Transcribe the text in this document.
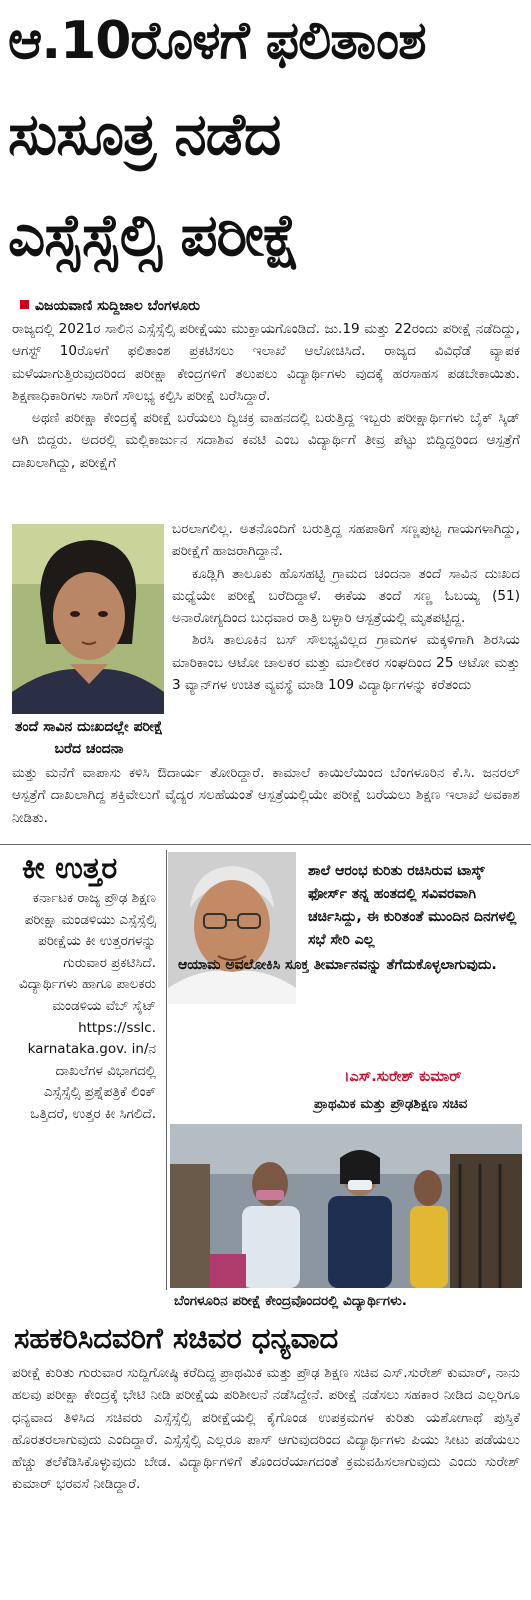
ಆ.10ರೊಳಗೆ ಫಲಿತಾಂಶ
ಸುಸೂತ್ರ ನಡೆದ
ಎಸ್ಸೆಸ್ಸೆಲ್ಸಿ ಪರೀಕ್ಷೆ
ವಿಜಯವಾಣಿ ಸುದ್ದಿಜಾಲ ಬೆಂಗಳೂರು

ರಾಜ್ಯದಲ್ಲಿ 2021ರ ಸಾಲಿನ ಎಸ್ಸೆಸ್ಸೆಲ್ಸಿ ಪರೀಕ್ಷೆಯು ಮುಕ್ತಾಯಗೊಂಡಿದೆ. ಜು.19 ಮತ್ತು 22ರಂದು ಪರೀಕ್ಷೆ ನಡೆದಿದ್ದು, ಆಗಸ್ಟ್ 10ರೊಳಗೆ ಫಲಿತಾಂಶ ಪ್ರಕಟಿಸಲು ಇಲಾಖೆ ಆಲೋಚಿಸಿದೆ. ರಾಜ್ಯದ ವಿವಿಧೆಡೆ ವ್ಯಾಪಕ ಮಳೆಯಾಗುತ್ತಿರುವುದರಿಂದ ಪರೀಕ್ಷಾ ಕೇಂದ್ರಗಳಿಗೆ ತಲುಪಲು ವಿದ್ಯಾರ್ಥಿಗಳು ವುದಕ್ಕೆ ಹರಸಾಹಸ ಪಡಬೇಕಾಯಿತು. ಶಿಕ್ಷಣಾಧಿಕಾರಿಗಳು ಸಾರಿಗೆ ಸೌಲಭ್ಯ ಕಲ್ಪಿಸಿ ಪರೀಕ್ಷೆ ಬರೆಸಿದ್ದಾರೆ.

ಅಥಣಿ ಪರೀಕ್ಷಾ ಕೇಂದ್ರಕ್ಕೆ ಪರೀಕ್ಷೆ ಬರೆಯಲು ದ್ವಿಚಕ್ರ ವಾಹನದಲ್ಲಿ ಬರುತ್ತಿದ್ದ ಇಬ್ಬರು ಪರೀಕ್ಷಾರ್ಥಿಗಳು ಬೈಕ್ ಸ್ಕಿಡ್ ಆಗಿ ಬಿದ್ದರು. ಅದರಲ್ಲಿ ಮಲ್ಲಿಕಾರ್ಜುನ ಸದಾಶಿವ ಕವಟಿ ಎಂಬ ವಿದ್ಯಾರ್ಥಿಗೆ ತೀವ್ರ ಪೆಟ್ಟು ಬಿದ್ದಿದ್ದರಿಂದ ಆಸ್ಪತ್ರೆಗೆ ದಾಖಲಾಗಿದ್ದು, ಪರೀಕ್ಷೆಗೆ

ಬರಲಾಗಲಿಲ್ಲ. ಅತನೊಂದಿಗೆ ಬರುತ್ತಿದ್ದ ಸಹಪಾಠಿಗೆ ಸಣ್ಣಪುಟ್ಟ ಗಾಯಗಳಾಗಿದ್ದು, ಪರೀಕ್ಷೆಗೆ ಹಾಜರಾಗಿದ್ದಾನೆ.

ಕೂಡ್ಲಿಗಿ ತಾಲೂಕು ಹೊಸಹಟ್ಟಿ ಗ್ರಾಮದ ಚಂದನಾ ತಂದೆ ಸಾವಿನ ದುಃಖದ ಮಧ್ಯೆಯೇ ಪರೀಕ್ಷೆ ಬರೆದಿದ್ದಾಳೆ. ಈಕೆಯ ತಂದೆ ಸಣ್ಣ ಓಬಯ್ಯ (51) ಅನಾರೋಗ್ಯದಿಂದ ಬುಧವಾರ ರಾತ್ರಿ ಬಳ್ಳಾರಿ ಆಸ್ಪತ್ರೆಯಲ್ಲಿ ಮೃತಪಟ್ಟಿದ್ದ.

ಶಿರಸಿ ತಾಲೂಕಿನ ಬಸ್ ಸೌಲಭ್ಯವಿಲ್ಲದ ಗ್ರಾಮಗಳ ಮಕ್ಕಳಿಗಾಗಿ ಶಿರಸಿಯ ಮಾರಿಕಾಂಬ ಆಟೋ ಚಾಲಕರ ಮತ್ತು ಮಾಲೀಕರ ಸಂಘದಿಂದ 25 ಆಟೋ ಮತ್ತು 3 ವ್ಯಾನ್‌ಗಳ ಉಚಿತ ವ್ಯವಸ್ಥೆ ಮಾಡಿ 109 ವಿದ್ಯಾರ್ಥಿಗಳನ್ನು ಕರೆತಂದು

ತಂದೆ ಸಾವಿನ ದುಃಖದಲ್ಲೇ ಪರೀಕ್ಷೆ ಬರೆದ ಚಂದನಾ

ಮತ್ತು ಮನೆಗೆ ವಾಪಾಸು ಕಳಿಸಿ ಔದಾರ್ಯ ತೋರಿದ್ದಾರೆ. ಕಾಮಾಲೆ ಕಾಯಿಲೆಯಿಂದ ಬೆಂಗಳೂರಿನ ಕೆ.ಸಿ. ಜನರಲ್ ಆಸ್ಪತ್ರೆಗೆ ದಾಖಲಾಗಿದ್ದ ಶಕ್ತಿವೇಲುಗೆ ವೈದ್ಯರ ಸಲಹೆಯಂತೆ ಆಸ್ಪತ್ರೆಯಲ್ಲಿಯೇ ಪರೀಕ್ಷೆ ಬರೆಯಲು ಶಿಕ್ಷಣ ಇಲಾಖೆ ಅವಕಾಶ ನೀಡಿತು.

ಕೀ ಉತ್ತರ
ಕರ್ನಾಟಕ ರಾಜ್ಯ ಪ್ರೌಢ ಶಿಕ್ಷಣ ಪರೀಕ್ಷಾ ಮಂಡಳಿಯು ಎಸ್ಸೆಸ್ಸೆಲ್ಸಿ ಪರೀಕ್ಷೆಯ ಕೀ ಉತ್ತರಗಳನ್ನು ಗುರುವಾರ ಪ್ರಕಟಿಸಿದೆ. ವಿದ್ಯಾರ್ಥಿಗಳು ಹಾಗೂ ಪಾಲಕರು ಮಂಡಳಿಯ ವೆಬ್ ಸೈಟ್ https://sslc. karnataka.gov. in/ನ ದಾಖಲೆಗಳ ವಿಭಾಗದಲ್ಲಿ ಎಸ್ಸೆಸ್ಸೆಲ್ಸಿ ಪ್ರಶ್ನೆಪತ್ರಿಕೆ ಲಿಂಕ್ ಒತ್ತಿದರೆ, ಉತ್ತರ ಕೀ ಸಿಗಲಿದೆ.

ಶಾಲೆ ಆರಂಭ ಕುರಿತು ರಚಿಸಿರುವ ಟಾಸ್ಕ್ ಫೋರ್ಸ್ ತನ್ನ ಹಂತದಲ್ಲಿ ಸವಿವರವಾಗಿ ಚರ್ಚಿಸಿದ್ದು, ಈ ಕುರಿತಂತೆ ಮುಂದಿನ ದಿನಗಳಲ್ಲಿ ಸಭೆ ಸೇರಿ ಎಲ್ಲ

ಆಯಾಮ ಅವಲೋಕಿಸಿ ಸೂಕ್ತ ತೀರ್ಮಾನವನ್ನು ತೆಗೆದುಕೊಳ್ಳಲಾಗುವುದು.

।ಎಸ್.ಸುರೇಶ್ ಕುಮಾರ್
ಪ್ರಾಥಮಿಕ ಮತ್ತು ಪ್ರೌಢಶಿಕ್ಷಣ ಸಚಿವ
ಬೆಂಗಳೂರಿನ ಪರೀಕ್ಷೆ ಕೇಂದ್ರವೊಂದರಲ್ಲಿ ವಿದ್ಯಾರ್ಥಿಗಳು.
ಸಹಕರಿಸಿದವರಿಗೆ ಸಚಿವರ ಧನ್ಯವಾದ

ಪರೀಕ್ಷೆ ಕುರಿತು ಗುರುವಾರ ಸುದ್ದಿಗೋಷ್ಠಿ ಕರೆದಿದ್ದ ಪ್ರಾಥಮಿಕ ಮತ್ತು ಪ್ರೌಢ ಶಿಕ್ಷಣ ಸಚಿವ ಎಸ್.ಸುರೇಶ್ ಕುಮಾರ್, ನಾನು ಹಲವು ಪರೀಕ್ಷಾ ಕೇಂದ್ರಕ್ಕೆ ಭೇಟಿ ನೀಡಿ ಪರೀಕ್ಷೆಯ ಪರಿಶೀಲನೆ ನಡೆಸಿದ್ದೇನೆ. ಪರೀಕ್ಷೆ ನಡೆಸಲು ಸಹಕಾರ ನೀಡಿದ ಎಲ್ಲರಿಗೂ ಧನ್ಯವಾದ ತಿಳಿಸಿದ ಸಚಿವರು ಎಸ್ಸೆಸ್ಸೆಲ್ಸಿ ಪರೀಕ್ಷೆಯಲ್ಲಿ ಕೈಗೊಂಡ ಉಪಕ್ರಮಗಳ ಕುರಿತು ಯಶೋಗಾಥೆ ಪುಸ್ತಿಕೆ ಹೊರತರಲಾಗುವುದು ಎಂದಿದ್ದಾರೆ. ಎಸ್ಸೆಸ್ಸೆಲ್ಸಿ ಎಲ್ಲರೂ ಪಾಸ್ ಆಗುವುದರಿಂದ ವಿದ್ಯಾರ್ಥಿಗಳು ಪಿಯು ಸೀಟು ಪಡೆಯಲು ಹೆಚ್ಚು ತಲೆಕೆಡಿಸಿಕೊಳ್ಳುವುದು ಬೇಡ. ವಿದ್ಯಾರ್ಥಿಗಳಿಗೆ ತೊಂದರೆಯಾಗದಂತೆ ಕ್ರಮವಹಿಸಲಾಗುವುದು ಎಂದು ಸುರೇಶ್ ಕುಮಾರ್ ಭರವಸೆ ನೀಡಿದ್ದಾರೆ.
